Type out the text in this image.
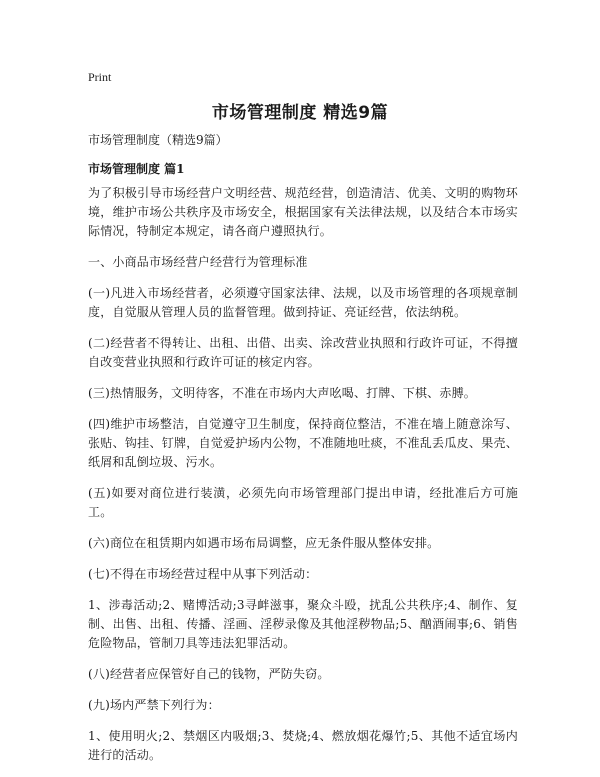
Print
市场管理制度 精选9篇
市场管理制度（精选9篇）
市场管理制度 篇1

为了积极引导市场经营户文明经营、规范经营，创造清洁、优美、文明的购物环境，维护市场公共秩序及市场安全，根据国家有关法律法规，以及结合本市场实际情况，特制定本规定，请各商户遵照执行。

一、小商品市场经营户经营行为管理标准

(一)凡进入市场经营者，必须遵守国家法律、法规，以及市场管理的各项规章制度，自觉服从管理人员的监督管理。做到持证、亮证经营，依法纳税。

(二)经营者不得转让、出租、出借、出卖、涂改营业执照和行政许可证，不得擅自改变营业执照和行政许可证的核定内容。

(三)热情服务，文明待客，不准在市场内大声吆喝、打牌、下棋、赤膊。

(四)维护市场整洁，自觉遵守卫生制度，保持商位整洁，不准在墙上随意涂写、张贴、钩挂、钉牌，自觉爱护场内公物，不准随地吐痰，不准乱丢瓜皮、果壳、纸屑和乱倒垃圾、污水。

(五)如要对商位进行装潢，必须先向市场管理部门提出申请，经批准后方可施工。

(六)商位在租赁期内如遇市场布局调整，应无条件服从整体安排。

(七)不得在市场经营过程中从事下列活动：

1、涉毒活动;2、赌博活动;3寻衅滋事，聚众斗殴，扰乱公共秩序;4、制作、复制、出售、出租、传播、淫画、淫秽录像及其他淫秽物品;5、酗酒闹事;6、销售危险物品，管制刀具等违法犯罪活动。

(八)经营者应保管好自己的钱物，严防失窃。

(九)场内严禁下列行为：

1、使用明火;2、禁烟区内吸烟;3、焚烧;4、燃放烟花爆竹;5、其他不适宜场内进行的活动。
